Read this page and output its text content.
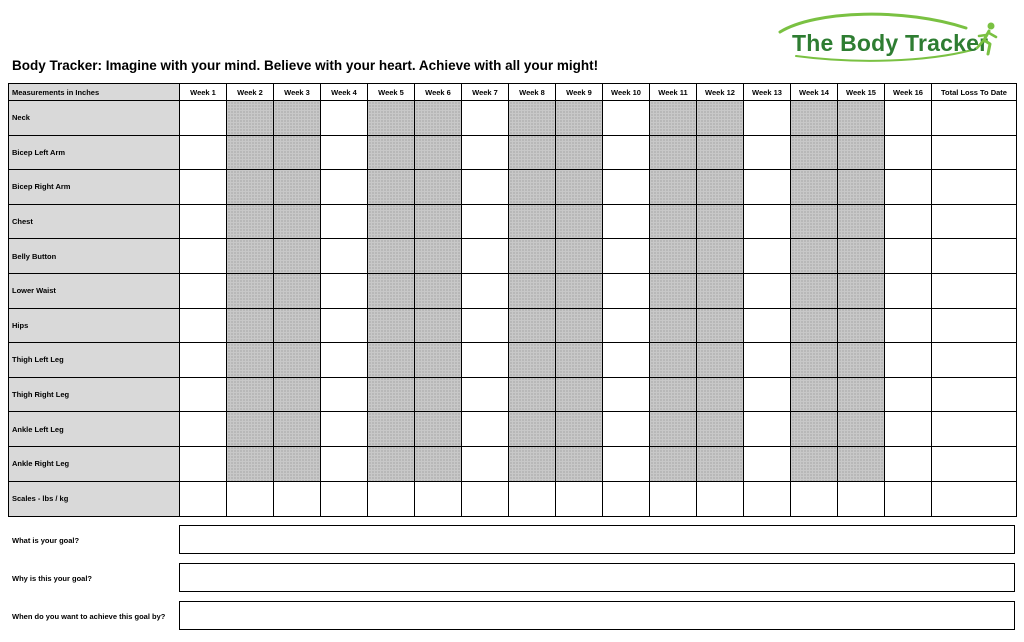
The Body Tracker
Body Tracker: Imagine with your mind. Believe with your heart. Achieve with all your might!
Measurements in Inches	Week 1	Week 2	Week 3	Week 4	Week 5	Week 6	Week 7	Week 8	Week 9	Week 10	Week 11	Week 12	Week 13	Week 14	Week 15	Week 16	Total Loss To Date
Neck																	
Bicep Left Arm																	
Bicep Right Arm																	
Chest																	
Belly Button																	
Lower Waist																	
Hips																	
Thigh Left Leg																	
Thigh Right Leg																	
Ankle Left Leg																	
Ankle Right Leg																	
Scales - lbs / kg																	
What is your goal?
Why is this your goal?
When do you want to achieve this goal by?
